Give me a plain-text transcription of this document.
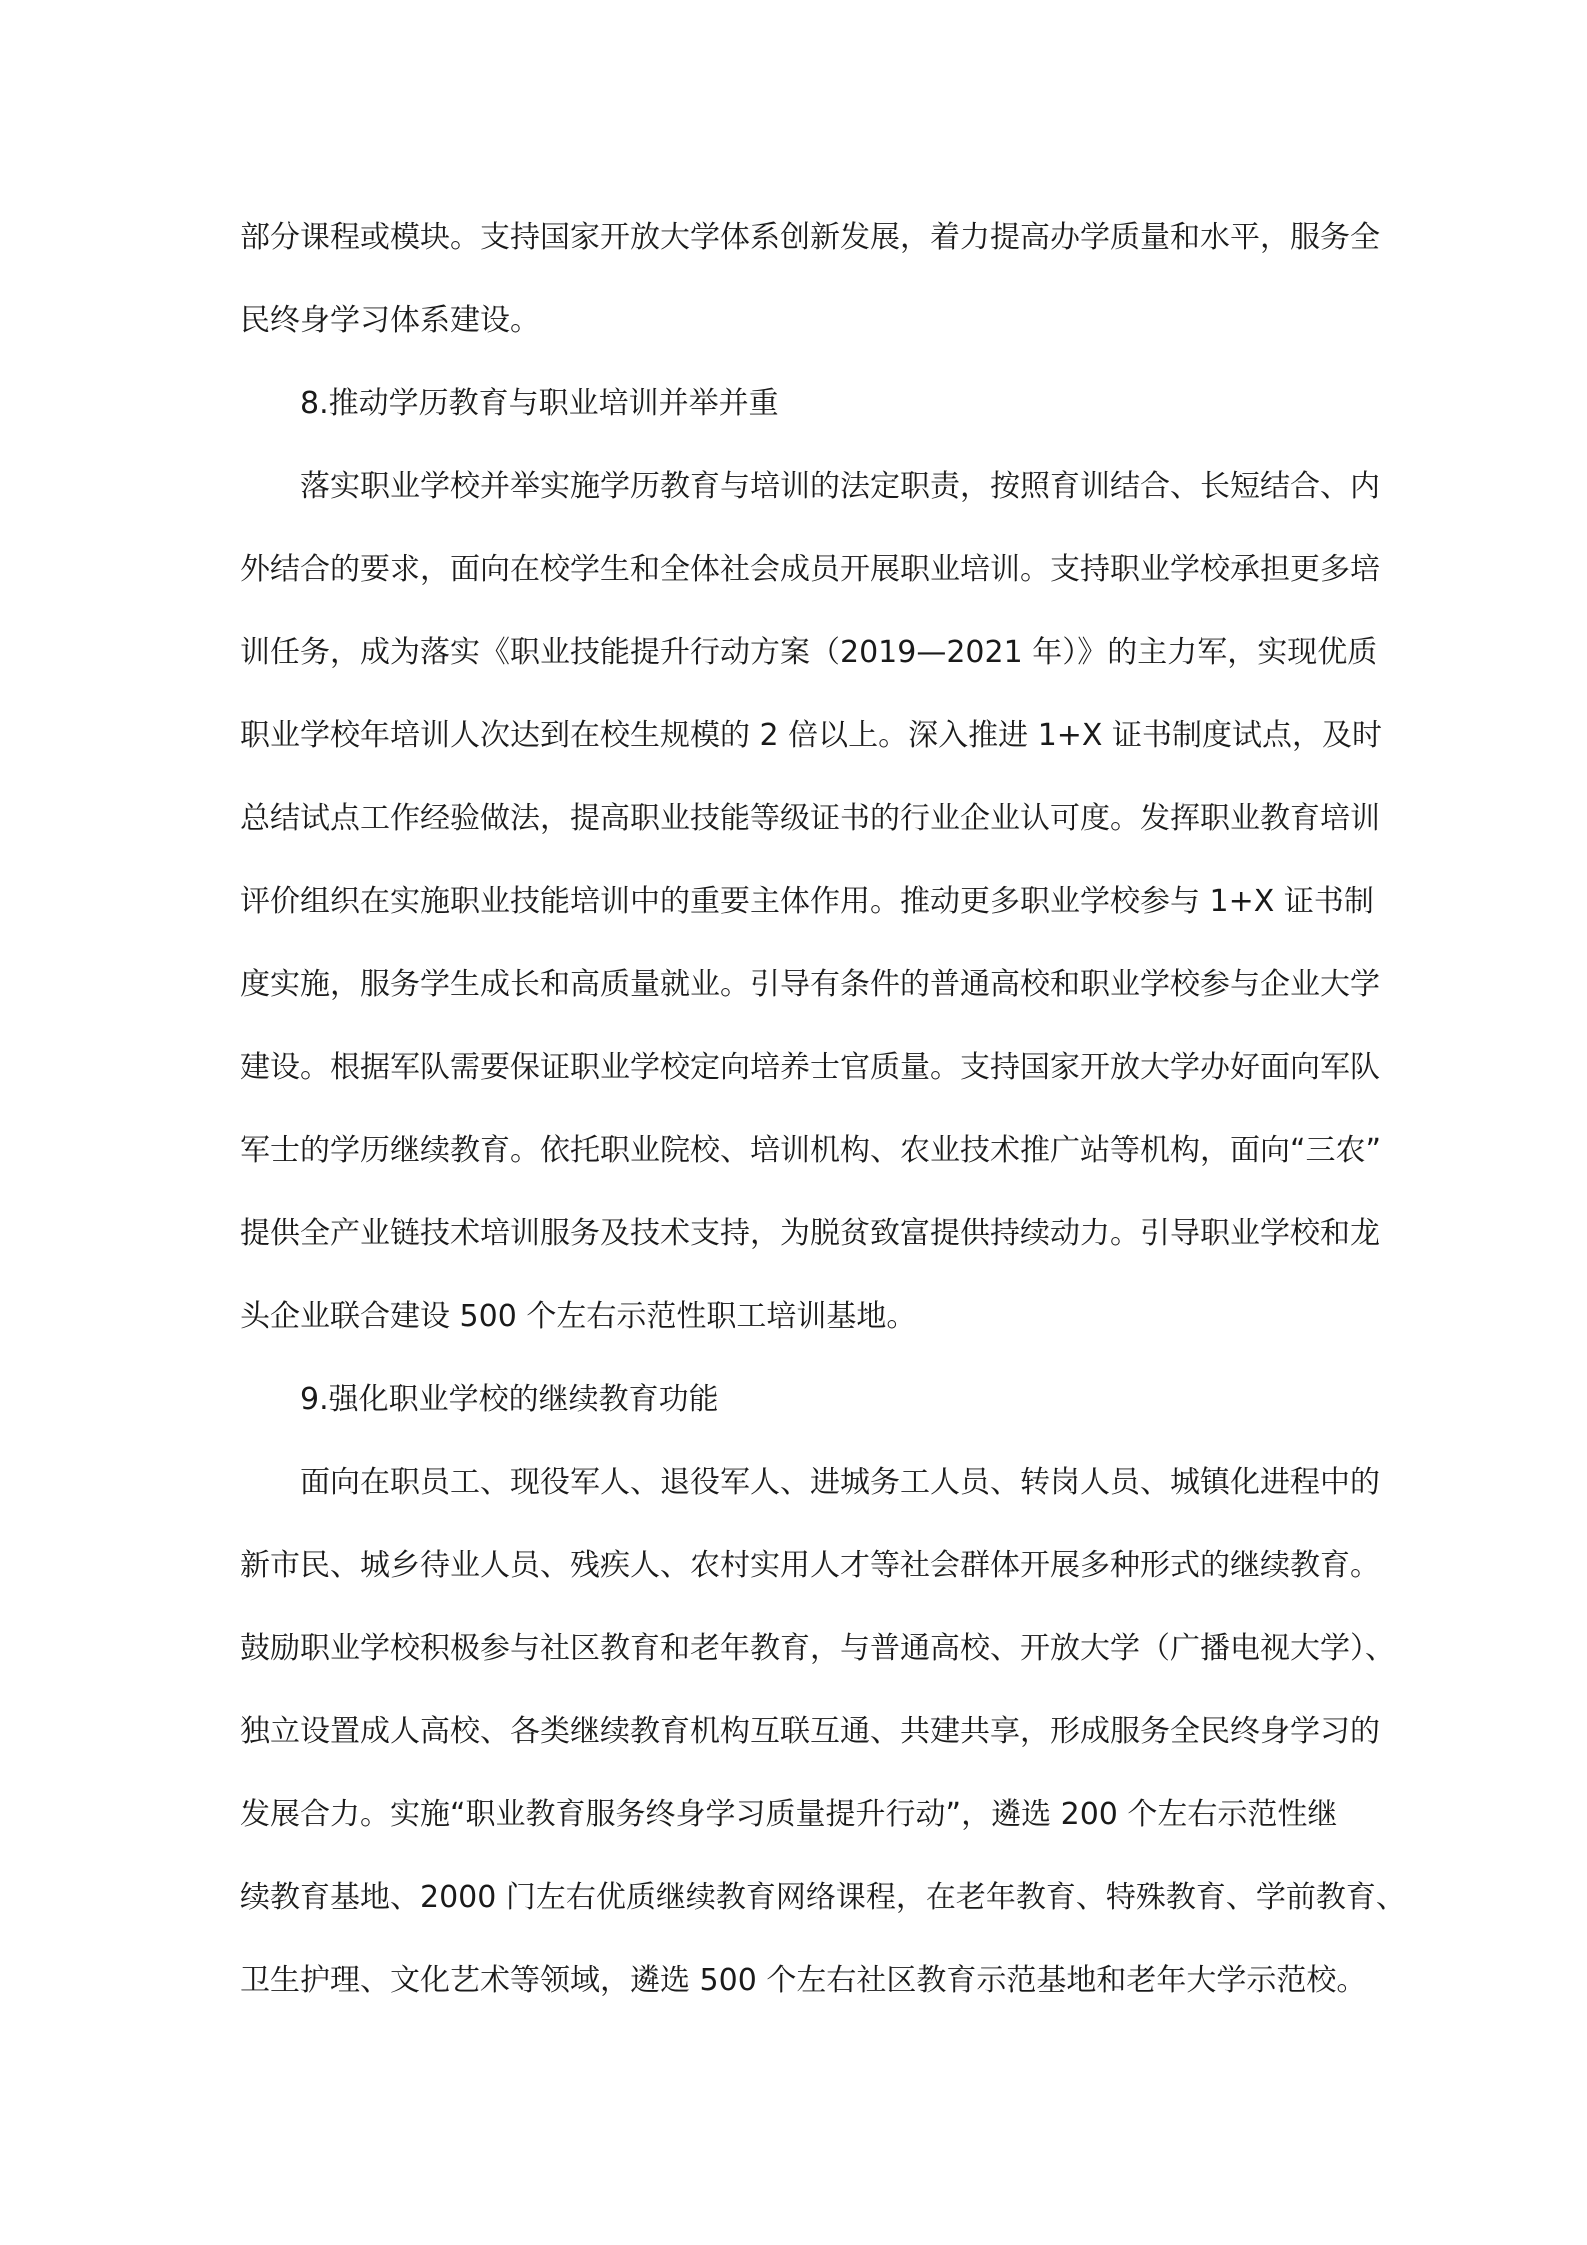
部分课程或模块。支持国家开放大学体系创新发展，着力提高办学质量和水平，服务全
民终身学习体系建设。
8.推动学历教育与职业培训并举并重
落实职业学校并举实施学历教育与培训的法定职责，按照育训结合、长短结合、内
外结合的要求，面向在校学生和全体社会成员开展职业培训。支持职业学校承担更多培
训任务，成为落实《职业技能提升行动方案（2019—2021 年）》的主力军，实现优质
职业学校年培训人次达到在校生规模的 2 倍以上。深入推进 1+X 证书制度试点，及时
总结试点工作经验做法，提高职业技能等级证书的行业企业认可度。发挥职业教育培训
评价组织在实施职业技能培训中的重要主体作用。推动更多职业学校参与 1+X 证书制
度实施，服务学生成长和高质量就业。引导有条件的普通高校和职业学校参与企业大学
建设。根据军队需要保证职业学校定向培养士官质量。支持国家开放大学办好面向军队
军士的学历继续教育。依托职业院校、培训机构、农业技术推广站等机构，面向“三农”
提供全产业链技术培训服务及技术支持，为脱贫致富提供持续动力。引导职业学校和龙
头企业联合建设 500 个左右示范性职工培训基地。
9.强化职业学校的继续教育功能
面向在职员工、现役军人、退役军人、进城务工人员、转岗人员、城镇化进程中的
新市民、城乡待业人员、残疾人、农村实用人才等社会群体开展多种形式的继续教育。
鼓励职业学校积极参与社区教育和老年教育，与普通高校、开放大学（广播电视大学）、
独立设置成人高校、各类继续教育机构互联互通、共建共享，形成服务全民终身学习的
发展合力。实施“职业教育服务终身学习质量提升行动”，遴选 200 个左右示范性继
续教育基地、2000 门左右优质继续教育网络课程，在老年教育、特殊教育、学前教育、
卫生护理、文化艺术等领域，遴选 500 个左右社区教育示范基地和老年大学示范校。
